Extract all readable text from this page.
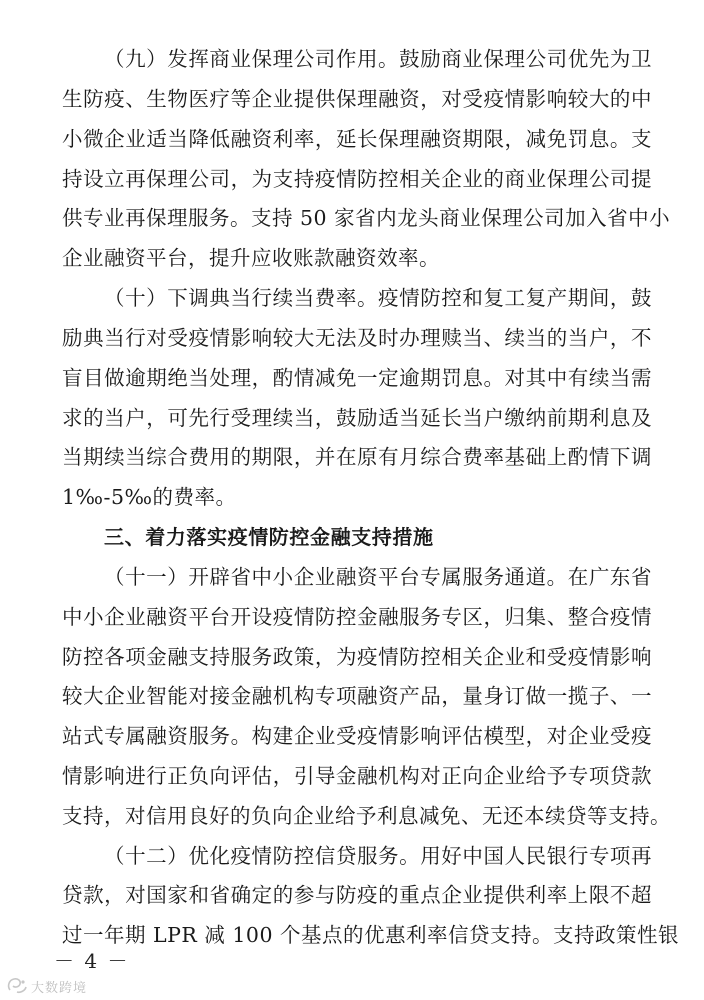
（九）发挥商业保理公司作用。鼓励商业保理公司优先为卫
生防疫、生物医疗等企业提供保理融资，对受疫情影响较大的中
小微企业适当降低融资利率，延长保理融资期限，减免罚息。支
持设立再保理公司，为支持疫情防控相关企业的商业保理公司提
供专业再保理服务。支持 50 家省内龙头商业保理公司加入省中小
企业融资平台，提升应收账款融资效率。
（十）下调典当行续当费率。疫情防控和复工复产期间，鼓
励典当行对受疫情影响较大无法及时办理赎当、续当的当户，不
盲目做逾期绝当处理，酌情减免一定逾期罚息。对其中有续当需
求的当户，可先行受理续当，鼓励适当延长当户缴纳前期利息及
当期续当综合费用的期限，并在原有月综合费率基础上酌情下调
1‰-5‰的费率。
三、着力落实疫情防控金融支持措施
（十一）开辟省中小企业融资平台专属服务通道。在广东省
中小企业融资平台开设疫情防控金融服务专区，归集、整合疫情
防控各项金融支持服务政策，为疫情防控相关企业和受疫情影响
较大企业智能对接金融机构专项融资产品，量身订做一揽子、一
站式专属融资服务。构建企业受疫情影响评估模型，对企业受疫
情影响进行正负向评估，引导金融机构对正向企业给予专项贷款
支持，对信用良好的负向企业给予利息减免、无还本续贷等支持。
（十二）优化疫情防控信贷服务。用好中国人民银行专项再
贷款，对国家和省确定的参与防疫的重点企业提供利率上限不超
过一年期 LPR 减 100 个基点的优惠利率信贷支持。支持政策性银
－ 4 －
大数跨境
